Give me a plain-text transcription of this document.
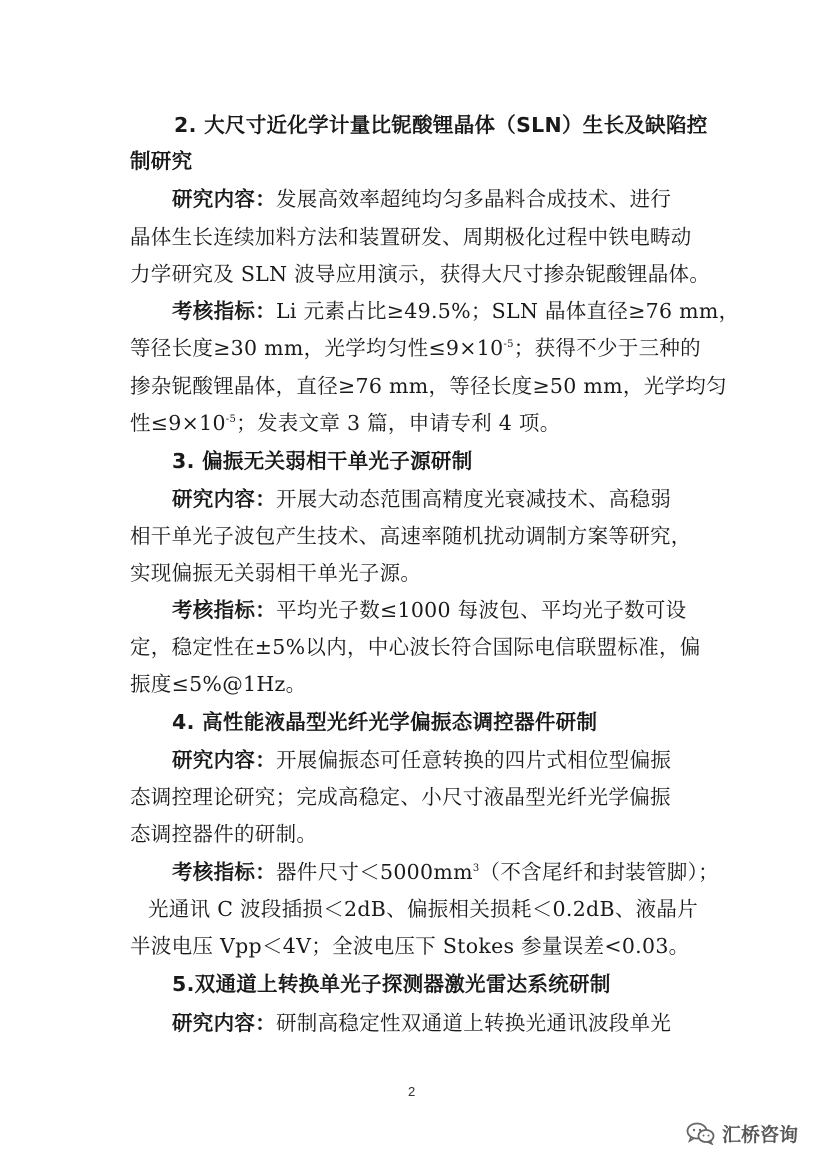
2. 大尺寸近化学计量比铌酸锂晶体（SLN）生长及缺陷控
制研究
研究内容：发展高效率超纯均匀多晶料合成技术、进行
晶体生长连续加料方法和装置研发、周期极化过程中铁电畴动
力学研究及 SLN 波导应用演示，获得大尺寸掺杂铌酸锂晶体。
考核指标：Li 元素占比≥49.5%；SLN 晶体直径≥76 mm，
等径长度≥30 mm，光学均匀性$\le 9\times 10^{-5}$；获得不少于三种的
掺杂铌酸锂晶体，直径≥76 mm，等径长度≥50 mm，光学均匀
性$\le 9\times 10^{-5}$；发表文章 3 篇，申请专利 4 项。
3. 偏振无关弱相干单光子源研制
研究内容：开展大动态范围高精度光衰减技术、高稳弱
相干单光子波包产生技术、高速率随机扰动调制方案等研究，
实现偏振无关弱相干单光子源。
考核指标：平均光子数≤1000 每波包、平均光子数可设
定，稳定性在±5%以内，中心波长符合国际电信联盟标准，偏
振度≤5%@1Hz。
4. 高性能液晶型光纤光学偏振态调控器件研制
研究内容：开展偏振态可任意转换的四片式相位型偏振
态调控理论研究；完成高稳定、小尺寸液晶型光纤光学偏振
态调控器件的研制。
考核指标：器件尺寸$<5000mm^3$（不含尾纤和封装管脚）；
光通讯 C 波段插损＜2dB、偏振相关损耗＜0.2dB、液晶片
半波电压 Vpp＜4V；全波电压下 Stokes 参量误差<0.03。
5.双通道上转换单光子探测器激光雷达系统研制
研究内容：研制高稳定性双通道上转换光通讯波段单光
2
汇桥咨询
